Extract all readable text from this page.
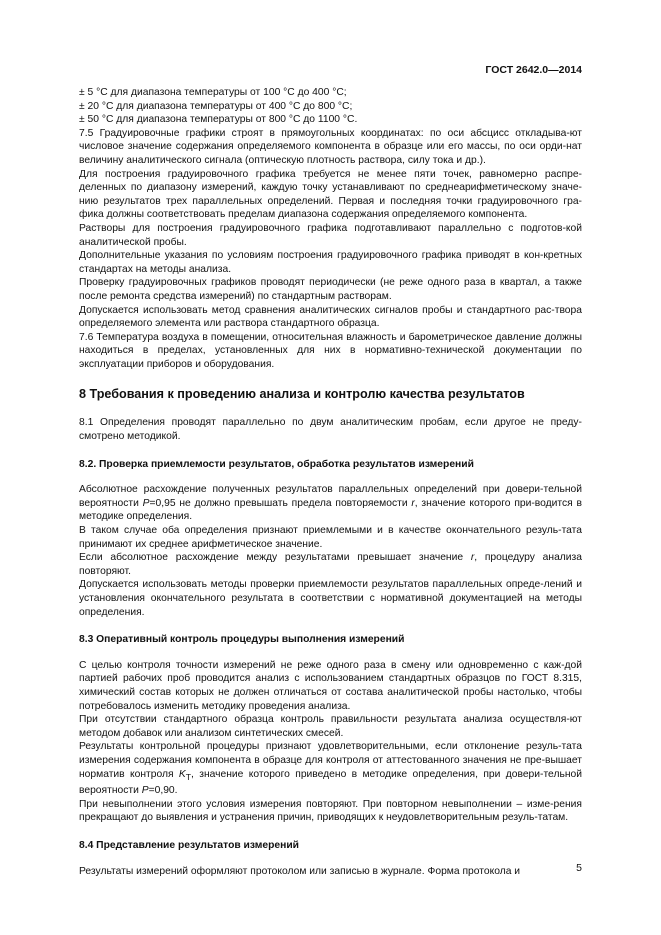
ГОСТ 2642.0—2014

± 5 °С для диапазона температуры от 100 °С до 400 °С;

± 20 °С для диапазона температуры от 400 °С до 800 °С;

± 50 °С для диапазона температуры от 800 °С до 1100 °С.

7.5 Градуировочные графики строят в прямоугольных координатах: по оси абсцисс откладыва-ют числовое значение содержания определяемого компонента в образце или его массы, по оси орди-нат величину аналитического сигнала (оптическую плотность раствора, силу тока и др.).

Для построения градуировочного графика требуется не менее пяти точек, равномерно распре-деленных по диапазону измерений, каждую точку устанавливают по среднеарифметическому значе-нию результатов трех параллельных определений. Первая и последняя точки градуировочного гра-фика должны соответствовать пределам диапазона содержания определяемого компонента.

Растворы для построения градуировочного графика подготавливают параллельно с подготов-кой аналитической пробы.

Дополнительные указания по условиям построения градуировочного графика приводят в кон-кретных стандартах на методы анализа.

Проверку градуировочных графиков проводят периодически (не реже одного раза в квартал, а также после ремонта средства измерений) по стандартным растворам.

Допускается использовать метод сравнения аналитических сигналов пробы и стандартного рас-твора определяемого элемента или раствора стандартного образца.

7.6 Температура воздуха в помещении, относительная влажность и барометрическое давление должны находиться в пределах, установленных для них в нормативно-технической документации по эксплуатации приборов и оборудования.

8 Требования к проведению анализа и контролю качества результатов

8.1 Определения проводят параллельно по двум аналитическим пробам, если другое не преду-смотрено методикой.

8.2. Проверка приемлемости результатов, обработка результатов измерений

Абсолютное расхождение полученных результатов параллельных определений при довери-тельной вероятности P=0,95 не должно превышать предела повторяемости r, значение которого при-водится в методике определения.

В таком случае оба определения признают приемлемыми и в качестве окончательного резуль-тата принимают их среднее арифметическое значение.

Если абсолютное расхождение между результатами превышает значение r, процедуру анализа повторяют.

Допускается использовать методы проверки приемлемости результатов параллельных опреде-лений и установления окончательного результата в соответствии с нормативной документацией на методы определения.

8.3 Оперативный контроль процедуры выполнения измерений

С целью контроля точности измерений не реже одного раза в смену или одновременно с каж-дой партией рабочих проб проводится анализ с использованием стандартных образцов по ГОСТ 8.315, химический состав которых не должен отличаться от состава аналитической пробы настолько, чтобы потребовалось изменить методику проведения анализа.

При отсутствии стандартного образца контроль правильности результата анализа осуществля-ют методом добавок или анализом синтетических смесей.

Результаты контрольной процедуры признают удовлетворительными, если отклонение резуль-тата измерения содержания компонента в образце для контроля от аттестованного значения не пре-вышает норматив контроля $K_Т$, значение которого приведено в методике определения, при довери-тельной вероятности P=0,90.

При невыполнении этого условия измерения повторяют. При повторном невыполнении – изме-рения прекращают до выявления и устранения причин, приводящих к неудовлетворительным резуль-татам.

8.4 Представление результатов измерений

Результаты измерений оформляют протоколом или записью в журнале. Форма протокола и	5
